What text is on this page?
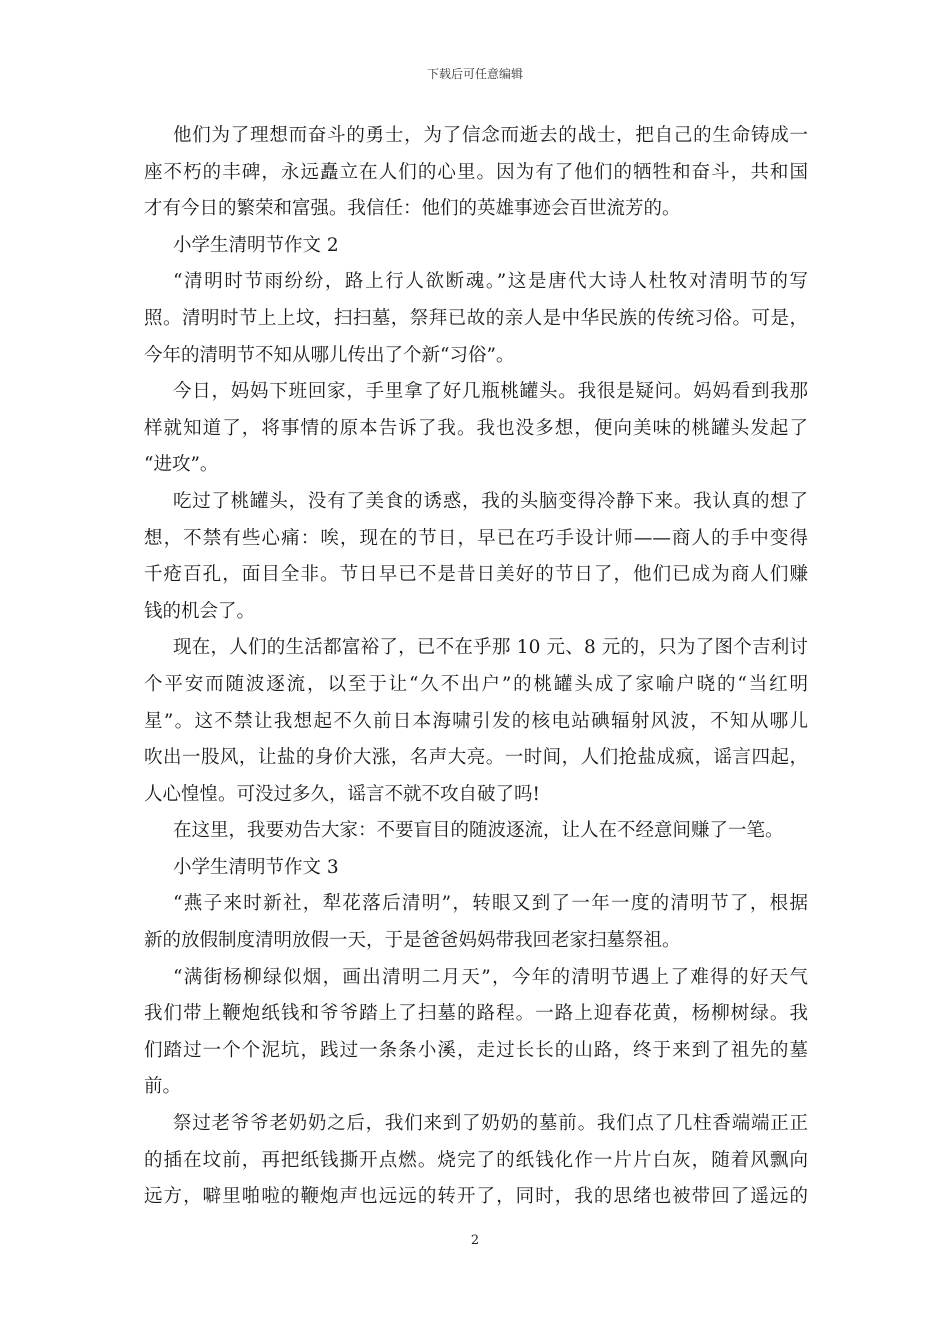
下载后可任意编辑
他们为了理想而奋斗的勇士，为了信念而逝去的战士，把自己的生命铸成一
座不朽的丰碑，永远矗立在人们的心里。因为有了他们的牺牲和奋斗，共和国
才有今日的繁荣和富强。我信任：他们的英雄事迹会百世流芳的。
小学生清明节作文 2
“清明时节雨纷纷，路上行人欲断魂。”这是唐代大诗人杜牧对清明节的写
照。清明时节上上坟，扫扫墓，祭拜已故的亲人是中华民族的传统习俗。可是，
今年的清明节不知从哪儿传出了个新“习俗”。
今日，妈妈下班回家，手里拿了好几瓶桃罐头。我很是疑问。妈妈看到我那
样就知道了，将事情的原本告诉了我。我也没多想，便向美味的桃罐头发起了
“进攻”。
吃过了桃罐头，没有了美食的诱惑，我的头脑变得冷静下来。我认真的想了
想，不禁有些心痛：唉，现在的节日，早已在巧手设计师——商人的手中变得
千疮百孔，面目全非。节日早已不是昔日美好的节日了，他们已成为商人们赚
钱的机会了。
现在，人们的生活都富裕了，已不在乎那 10 元、8 元的，只为了图个吉利讨
个平安而随波逐流，以至于让“久不出户”的桃罐头成了家喻户晓的“当红明
星”。这不禁让我想起不久前日本海啸引发的核电站碘辐射风波，不知从哪儿
吹出一股风，让盐的身价大涨，名声大亮。一时间，人们抢盐成疯，谣言四起，
人心惶惶。可没过多久，谣言不就不攻自破了吗!
在这里，我要劝告大家：不要盲目的随波逐流，让人在不经意间赚了一笔。
小学生清明节作文 3
“燕子来时新社，犁花落后清明”，转眼又到了一年一度的清明节了，根据
新的放假制度清明放假一天，于是爸爸妈妈带我回老家扫墓祭祖。
“满街杨柳绿似烟，画出清明二月天”，今年的清明节遇上了难得的好天气
我们带上鞭炮纸钱和爷爷踏上了扫墓的路程。一路上迎春花黄，杨柳树绿。我
们踏过一个个泥坑，践过一条条小溪，走过长长的山路，终于来到了祖先的墓
前。
祭过老爷爷老奶奶之后，我们来到了奶奶的墓前。我们点了几柱香端端正正
的插在坟前，再把纸钱撕开点燃。烧完了的纸钱化作一片片白灰，随着风飘向
远方，噼里啪啦的鞭炮声也远远的转开了，同时，我的思绪也被带回了遥远的
2
